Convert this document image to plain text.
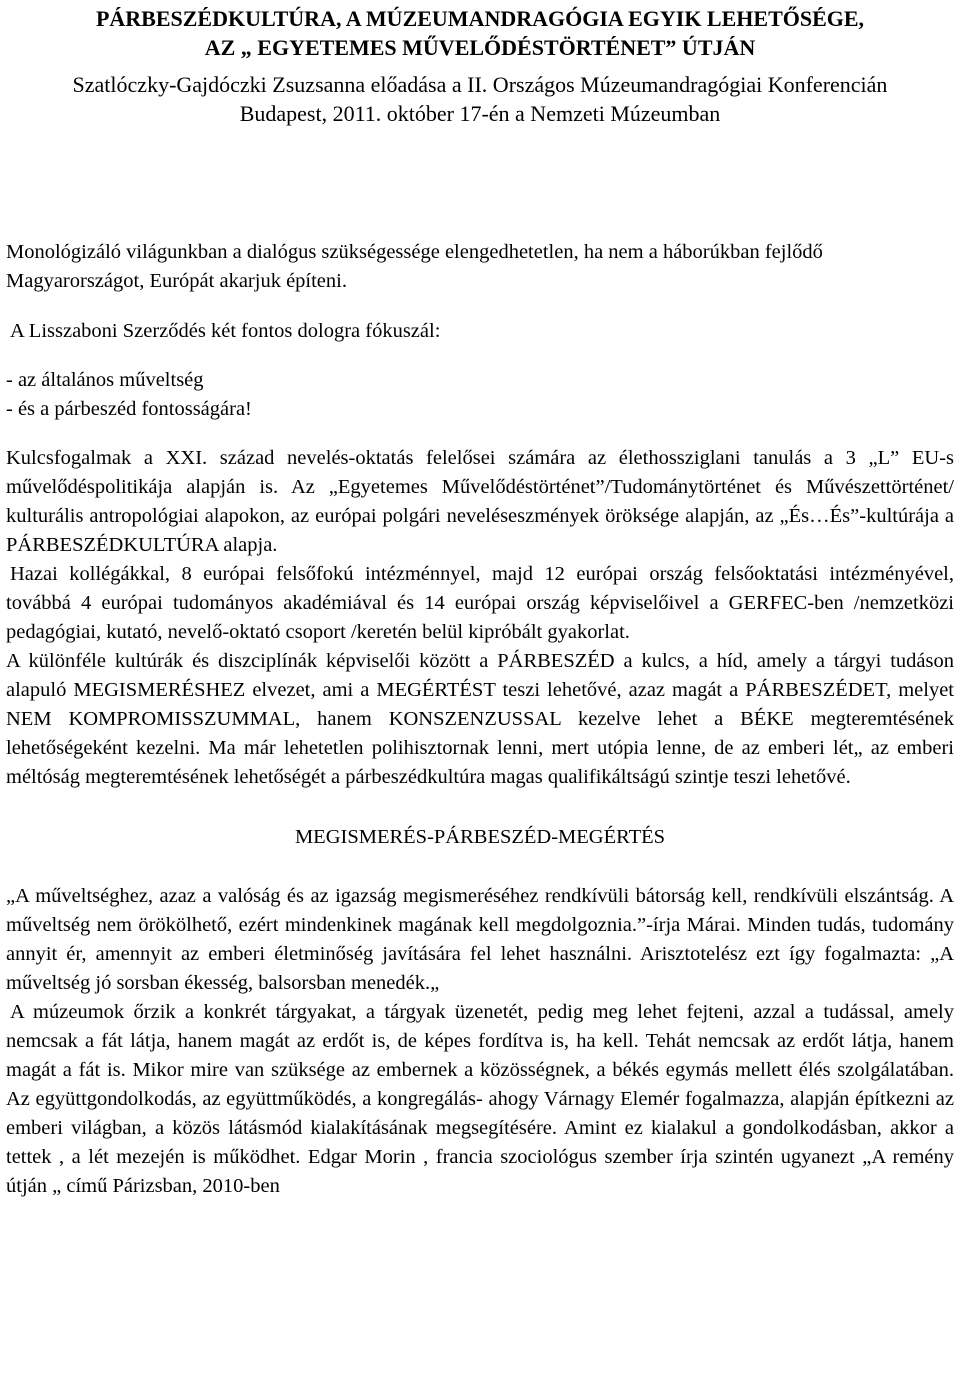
PÁRBESZÉDKULTÚRA, A MÚZEUMANDRAGÓGIA EGYIK LEHETŐSÉGE,
AZ „ EGYETEMES MŰVELŐDÉSTÖRTÉNET” ÚTJÁN
Szatlóczky-Gajdóczki Zsuzsanna előadása a II. Országos Múzeumandragógiai Konferencián
Budapest, 2011. október 17-én a Nemzeti Múzeumban

Monológizáló világunkban a dialógus szükségessége elengedhetetlen, ha nem a háborúkban fejlődő Magyarországot, Európát akarjuk építeni.

A Lisszaboni Szerződés két fontos dologra fókuszál:

- az általános műveltség
- és a párbeszéd fontosságára!

Kulcsfogalmak a XXI. század nevelés-oktatás felelősei számára az élethossziglani tanulás a 3 „L” EU-s művelődéspolitikája alapján is. Az „Egyetemes Művelődéstörténet”/Tudománytörténet és Művészettörténet/ kulturális antropológiai alapokon, az európai polgári neveléseszmények öröksége alapján, az „És…És”-kultúrája a PÁRBESZÉDKULTÚRA alapja.

Hazai kollégákkal, 8 európai felsőfokú intézménnyel, majd 12 európai ország felsőoktatási intézményével, továbbá 4 európai tudományos akadémiával és 14 európai ország képviselőivel a GERFEC-ben /nemzetközi pedagógiai, kutató, nevelő-oktató csoport /keretén belül kipróbált gyakorlat.

A különféle kultúrák és diszciplínák képviselői között a PÁRBESZÉD a kulcs, a híd, amely a tárgyi tudáson alapuló MEGISMERÉSHEZ elvezet, ami a MEGÉRTÉST teszi lehetővé, azaz magát a PÁRBESZÉDET, melyet NEM KOMPROMISSZUMMAL, hanem KONSZENZUSSAL kezelve lehet a BÉKE megteremtésének lehetőségeként kezelni. Ma már lehetetlen polihisztornak lenni, mert utópia lenne, de az emberi lét„ az emberi méltóság megteremtésének lehetőségét a párbeszédkultúra magas qualifikáltságú szintje teszi lehetővé.

MEGISMERÉS-PÁRBESZÉD-MEGÉRTÉS

„A műveltséghez, azaz a valóság és az igazság megismeréséhez rendkívüli bátorság kell, rendkívüli elszántság. A műveltség nem örökölhető, ezért mindenkinek magának kell megdolgoznia.”-írja Márai. Minden tudás, tudomány annyit ér, amennyit az emberi életminőség javítására fel lehet használni. Arisztotelész ezt így fogalmazta: „A műveltség jó sorsban ékesség, balsorsban menedék.„

A múzeumok őrzik a konkrét tárgyakat, a tárgyak üzenetét, pedig meg lehet fejteni, azzal a tudással, amely nemcsak a fát látja, hanem magát az erdőt is, de képes fordítva is, ha kell. Tehát nemcsak az erdőt látja, hanem magát a fát is. Mikor mire van szüksége az embernek a közösségnek, a békés egymás mellett élés szolgálatában. Az együttgondolkodás, az együttműködés, a kongregálás- ahogy Várnagy Elemér fogalmazza, alapján építkezni az emberi világban, a közös látásmód kialakításának megsegítésére. Amint ez kialakul a gondolkodásban, akkor a tettek , a lét mezején is működhet. Edgar Morin , francia szociológus szember írja szintén ugyanezt „A remény útján „ című Párizsban, 2010-ben
